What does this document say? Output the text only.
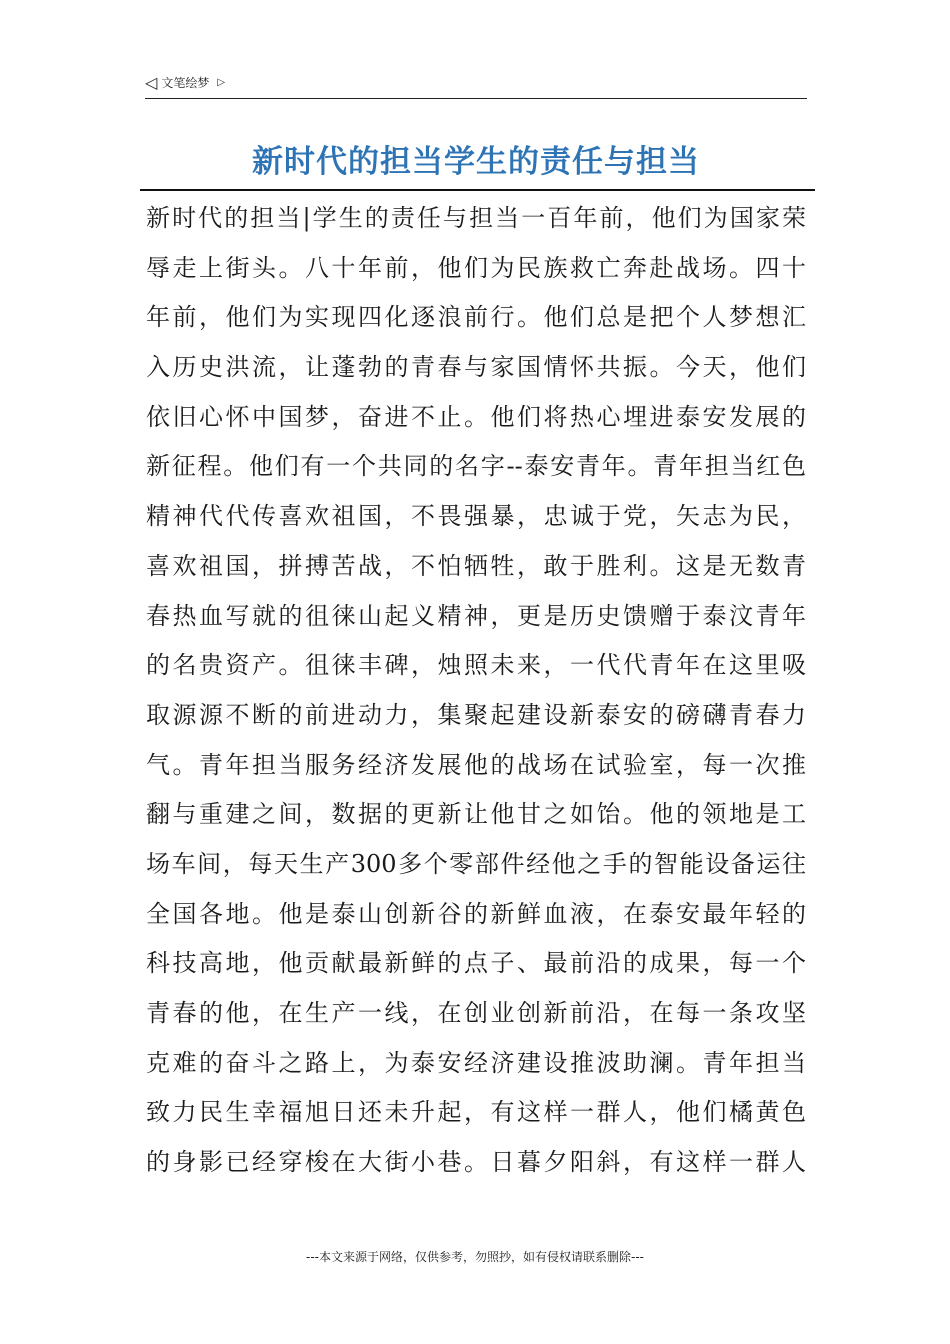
◁ 文笔绘梦 ▷
新时代的担当学生的责任与担当
新时代的担当|学生的责任与担当一百年前，他们为国家荣
辱走上街头。八十年前，他们为民族救亡奔赴战场。四十
年前，他们为实现四化逐浪前行。他们总是把个人梦想汇
入历史洪流，让蓬勃的青春与家国情怀共振。今天，他们
依旧心怀中国梦，奋进不止。他们将热心埋进泰安发展的
新征程。他们有一个共同的名字--泰安青年。青年担当红色
精神代代传喜欢祖国，不畏强暴，忠诚于党，矢志为民，
喜欢祖国，拼搏苦战，不怕牺牲，敢于胜利。这是无数青
春热血写就的徂徕山起义精神，更是历史馈赠于泰汶青年
的名贵资产。徂徕丰碑，烛照未来，一代代青年在这里吸
取源源不断的前进动力，集聚起建设新泰安的磅礴青春力
气。青年担当服务经济发展他的战场在试验室，每一次推
翻与重建之间，数据的更新让他甘之如饴。他的领地是工
场车间，每天生产300多个零部件经他之手的智能设备运往
全国各地。他是泰山创新谷的新鲜血液，在泰安最年轻的
科技高地，他贡献最新鲜的点子、最前沿的成果，每一个
青春的他，在生产一线，在创业创新前沿，在每一条攻坚
克难的奋斗之路上，为泰安经济建设推波助澜。青年担当
致力民生幸福旭日还未升起，有这样一群人，他们橘黄色
的身影已经穿梭在大街小巷。日暮夕阳斜，有这样一群人
---本文来源于网络，仅供参考，勿照抄，如有侵权请联系删除---
